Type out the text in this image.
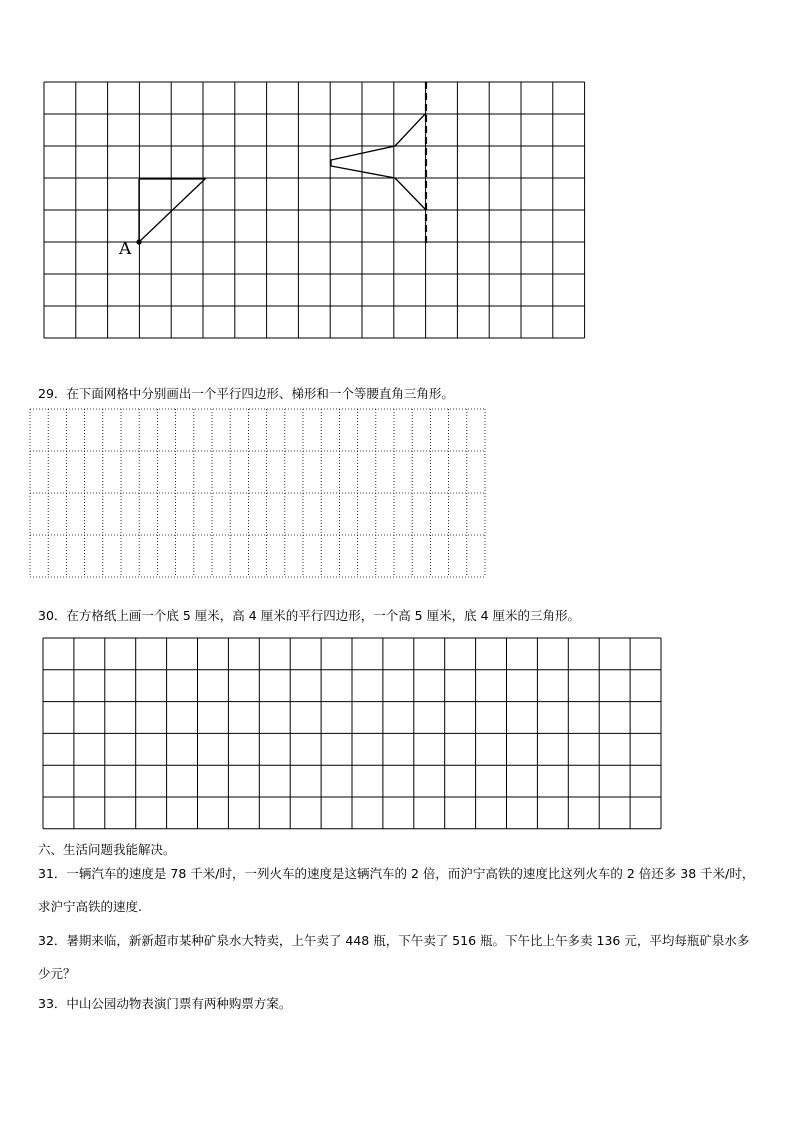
A
29．在下面网格中分别画出一个平行四边形、梯形和一个等腰直角三角形。
30．在方格纸上画一个底 5 厘米，高 4 厘米的平行四边形，一个高 5 厘米，底 4 厘米的三角形。
六、生活问题我能解决。
31．一辆汽车的速度是 78 千米/时，一列火车的速度是这辆汽车的 2 倍，而沪宁高铁的速度比这列火车的 2 倍还多 38 千米/时，求沪宁高铁的速度.
32．暑期来临，新新超市某种矿泉水大特卖，上午卖了 448 瓶，下午卖了 516 瓶。下午比上午多卖 136 元，平均每瓶矿泉水多少元？
33．中山公园动物表演门票有两种购票方案。
